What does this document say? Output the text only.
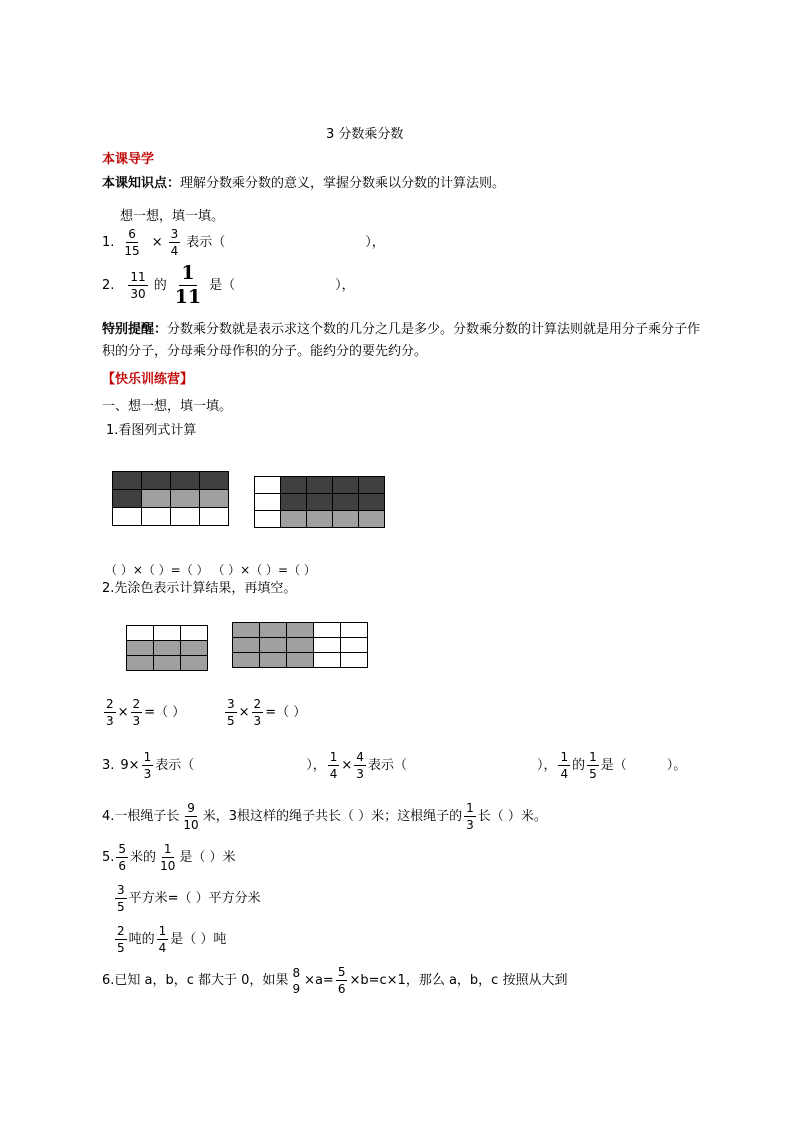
3 分数乘分数
本课导学
本课知识点：理解分数乘分数的意义，掌握分数乘以分数的计算法则。
想一想，填一填。
1. $\frac{6}{15} \times \frac{3}{4}$ 表示（	），
2. $\frac{11}{30}$ 的 $\frac{1}{11}$ 是（	），
特别提醒：分数乘分数就是表示求这个数的几分之几是多少。分数乘分数的计算法则就是用分子乘分子作
积的分子，分母乘分母作积的分子。能约分的要先约分。
【快乐训练营】
一、想一想，填一填。
1.看图列式计算

（ ）×（ ）=（ ） （ ）×（ ）=（ ）
2.先涂色表示计算结果，再填空。

$\frac{2}{3} \times \frac{2}{3}$ =（ ）	$\frac{3}{5} \times \frac{2}{3}$ =（ ）
3. $9\times \frac{1}{3}$ 表示（	）， $\frac{1}{4} \times \frac{4}{3}$ 表示（	）， $\frac{1}{4}$ 的 $\frac{1}{5}$ 是（	）。
4.一根绳子长 $\frac{9}{10}$ 米，3根这样的绳子共长（ ）米；这根绳子的 $\frac{1}{3}$ 长（ ）米。
5. $\frac{5}{6}$ 米的 $\frac{1}{10}$ 是（ ）米
$\frac{3}{5}$ 平方米=（ ）平方分米
$\frac{2}{5}$ 吨的 $\frac{1}{4}$ 是（ ）吨
6.已知 a，b，c 都大于 0，如果
8
9
$\times a= \frac{5}{6} \times b=c\times 1$，那么 a，b，c 按照从大到
